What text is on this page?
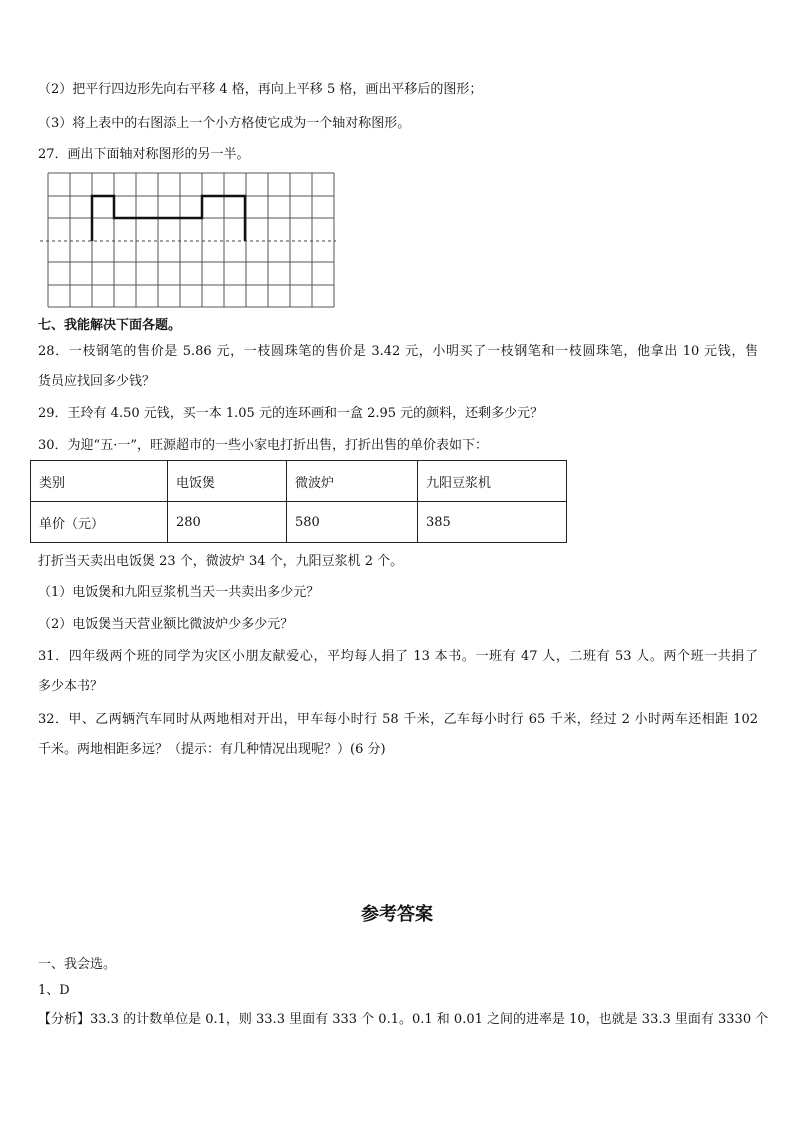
（2）把平行四边形先向右平移 4 格，再向上平移 5 格，画出平移后的图形；
（3）将上表中的右图添上一个小方格使它成为一个轴对称图形。
27．画出下面轴对称图形的另一半。
七、我能解决下面各题。
28．一枝钢笔的售价是 5.86 元，一枝圆珠笔的售价是 3.42 元，小明买了一枝钢笔和一枝圆珠笔，他拿出 10 元钱，售
货员应找回多少钱？
29．王玲有 4.50 元钱，买一本 1.05 元的连环画和一盒 2.95 元的颜料，还剩多少元？
30．为迎“五·一”，旺源超市的一些小家电打折出售，打折出售的单价表如下：
类别	电饭煲	微波炉	九阳豆浆机
单价（元）	280	580	385
打折当天卖出电饭煲 23 个，微波炉 34 个，九阳豆浆机 2 个。
（1）电饭煲和九阳豆浆机当天一共卖出多少元？
（2）电饭煲当天营业额比微波炉少多少元？
31．四年级两个班的同学为灾区小朋友献爱心，平均每人捐了 13 本书。一班有 47 人，二班有 53 人。两个班一共捐了
多少本书？
32．甲、乙两辆汽车同时从两地相对开出，甲车每小时行 58 千米，乙车每小时行 65 千米，经过 2 小时两车还相距 102
千米。两地相距多远？（提示：有几种情况出现呢？）(6 分)
参考答案
一、我会选。
1、D
【分析】33.3 的计数单位是 0.1，则 33.3 里面有 333 个 0.1。0.1 和 0.01 之间的进率是 10，也就是 33.3 里面有 3330 个
